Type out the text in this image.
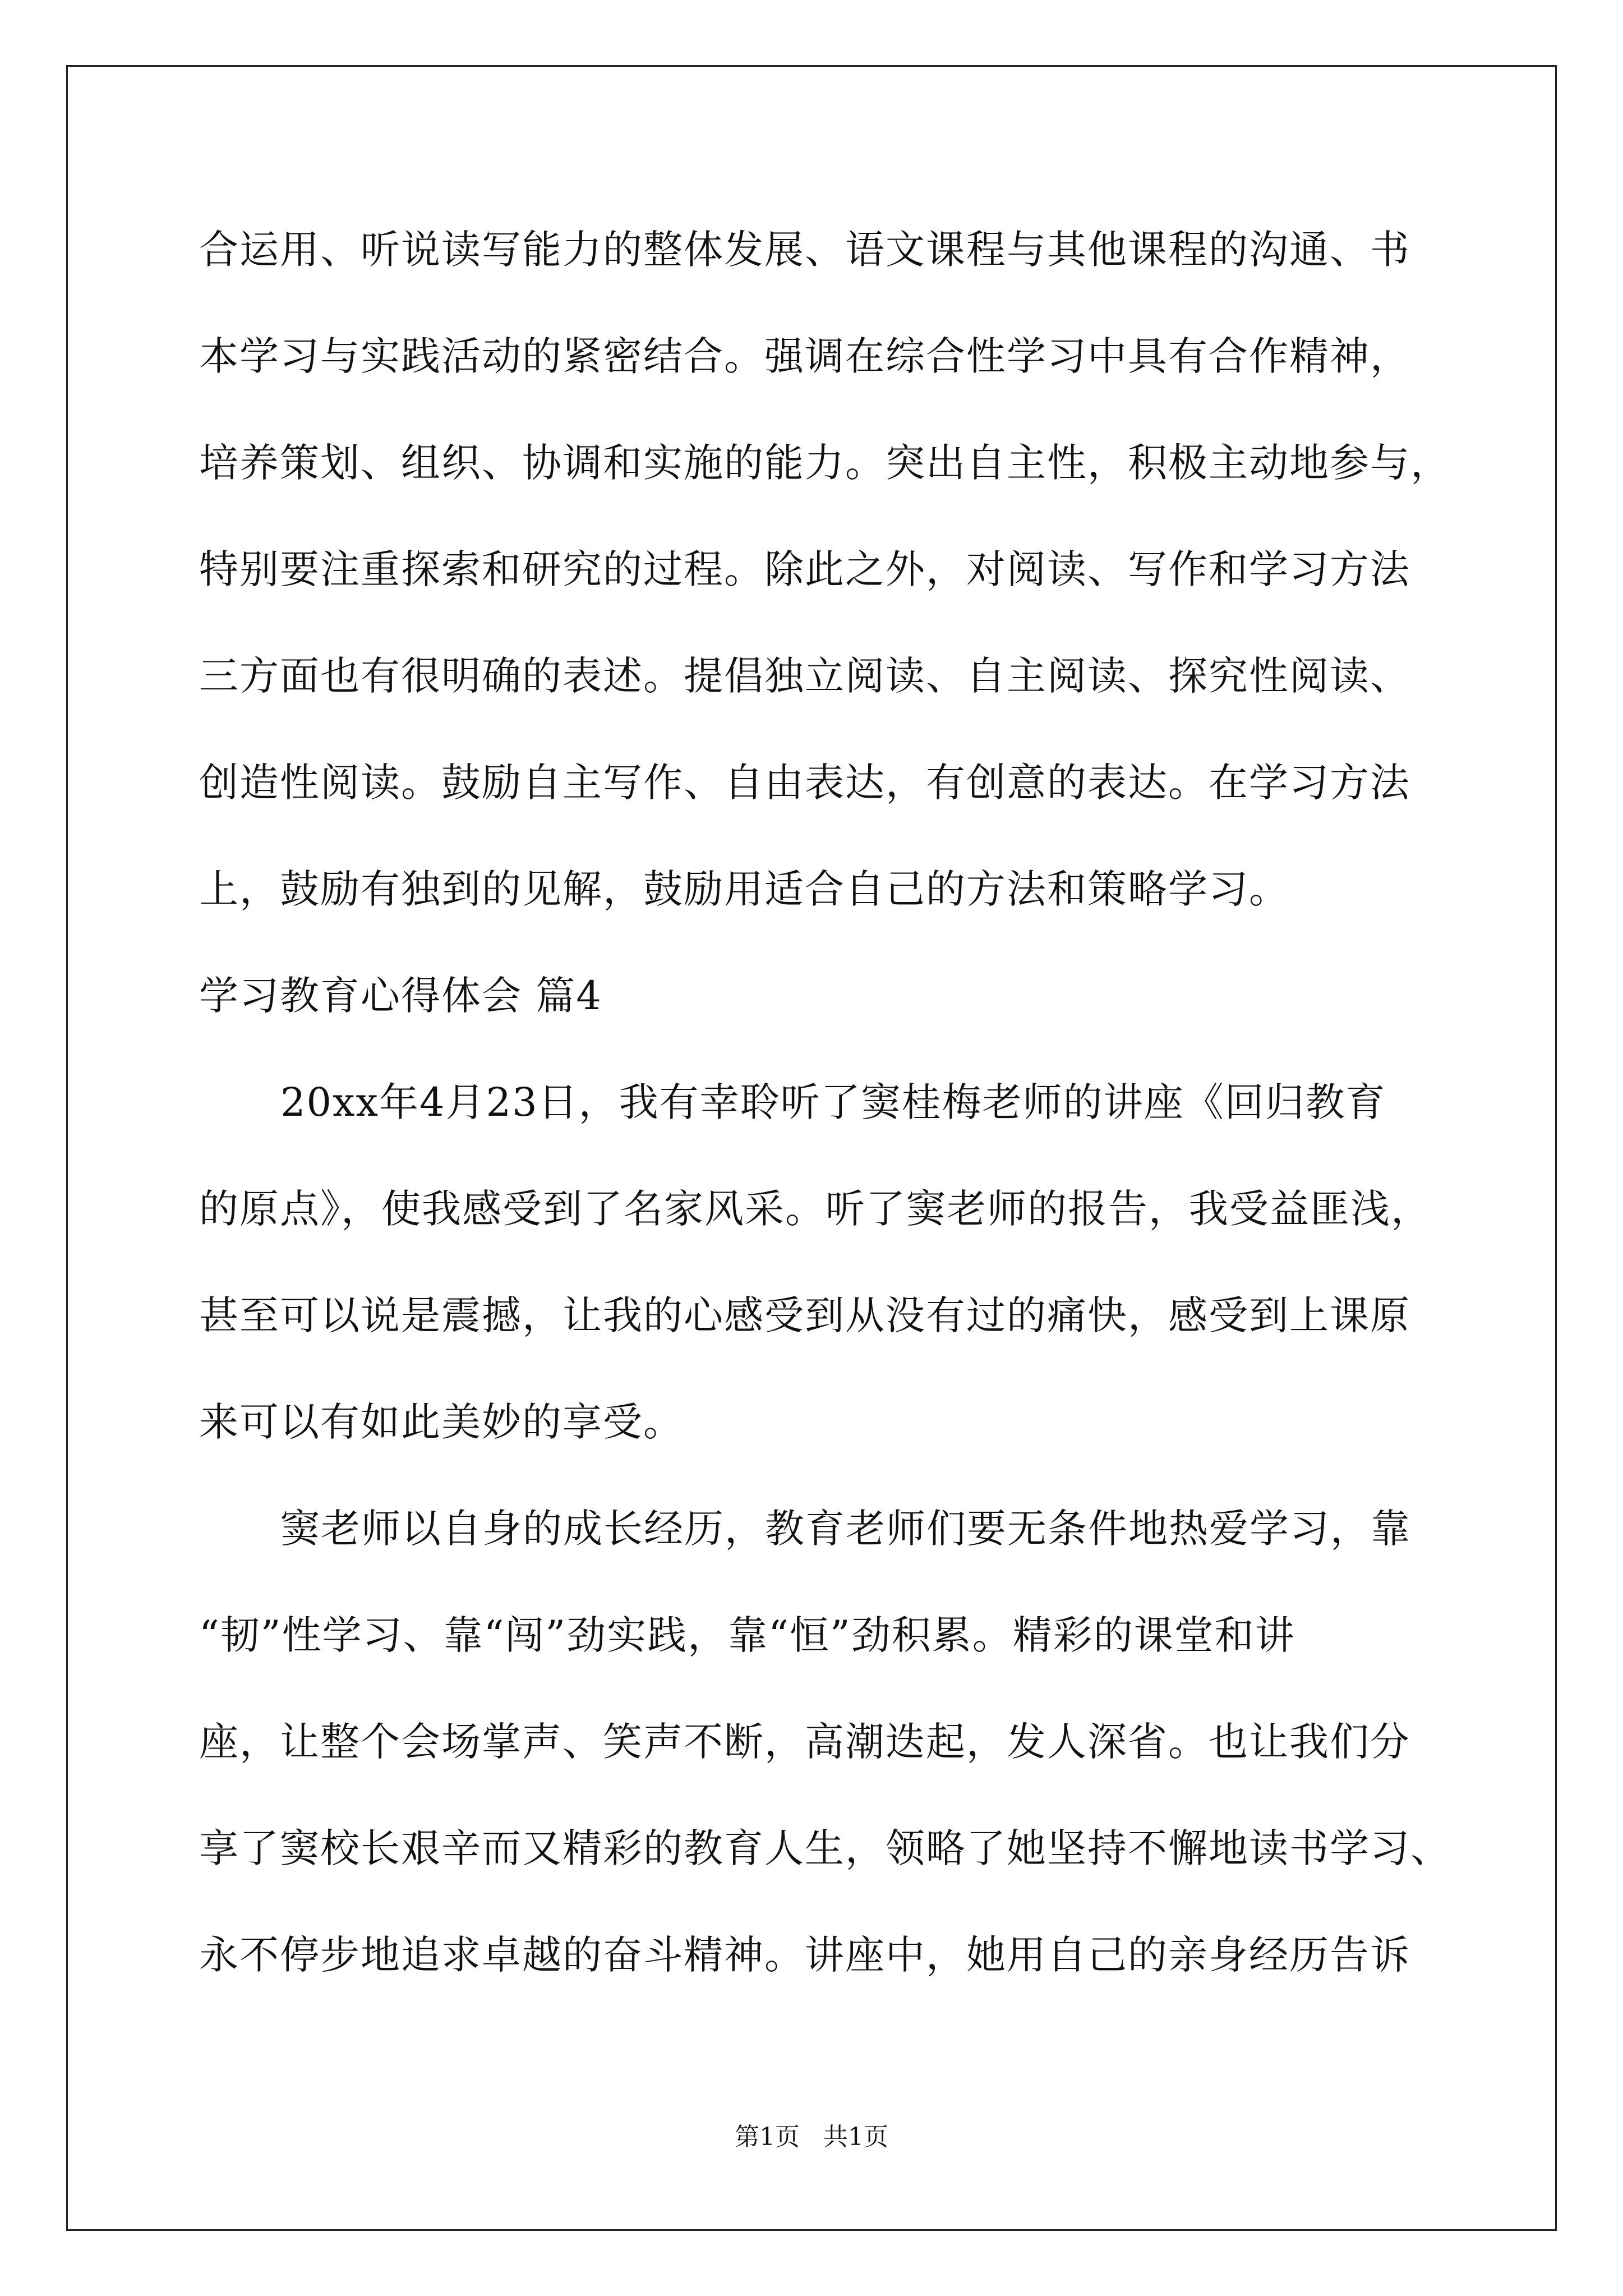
合运用、听说读写能力的整体发展、语文课程与其他课程的沟通、书
本学习与实践活动的紧密结合。强调在综合性学习中具有合作精神，
培养策划、组织、协调和实施的能力。突出自主性，积极主动地参与，
特别要注重探索和研究的过程。除此之外，对阅读、写作和学习方法
三方面也有很明确的表述。提倡独立阅读、自主阅读、探究性阅读、
创造性阅读。鼓励自主写作、自由表达，有创意的表达。在学习方法
上，鼓励有独到的见解，鼓励用适合自己的方法和策略学习。
学习教育心得体会 篇4
20xx年4月23日，我有幸聆听了窦桂梅老师的讲座《回归教育
的原点》，使我感受到了名家风采。听了窦老师的报告，我受益匪浅，
甚至可以说是震撼，让我的心感受到从没有过的痛快，感受到上课原
来可以有如此美妙的享受。
窦老师以自身的成长经历，教育老师们要无条件地热爱学习，靠
“韧”性学习、靠“闯”劲实践，靠“恒”劲积累。精彩的课堂和讲
座，让整个会场掌声、笑声不断，高潮迭起，发人深省。也让我们分
享了窦校长艰辛而又精彩的教育人生，领略了她坚持不懈地读书学习、
永不停步地追求卓越的奋斗精神。讲座中，她用自己的亲身经历告诉
第1页   共1页
